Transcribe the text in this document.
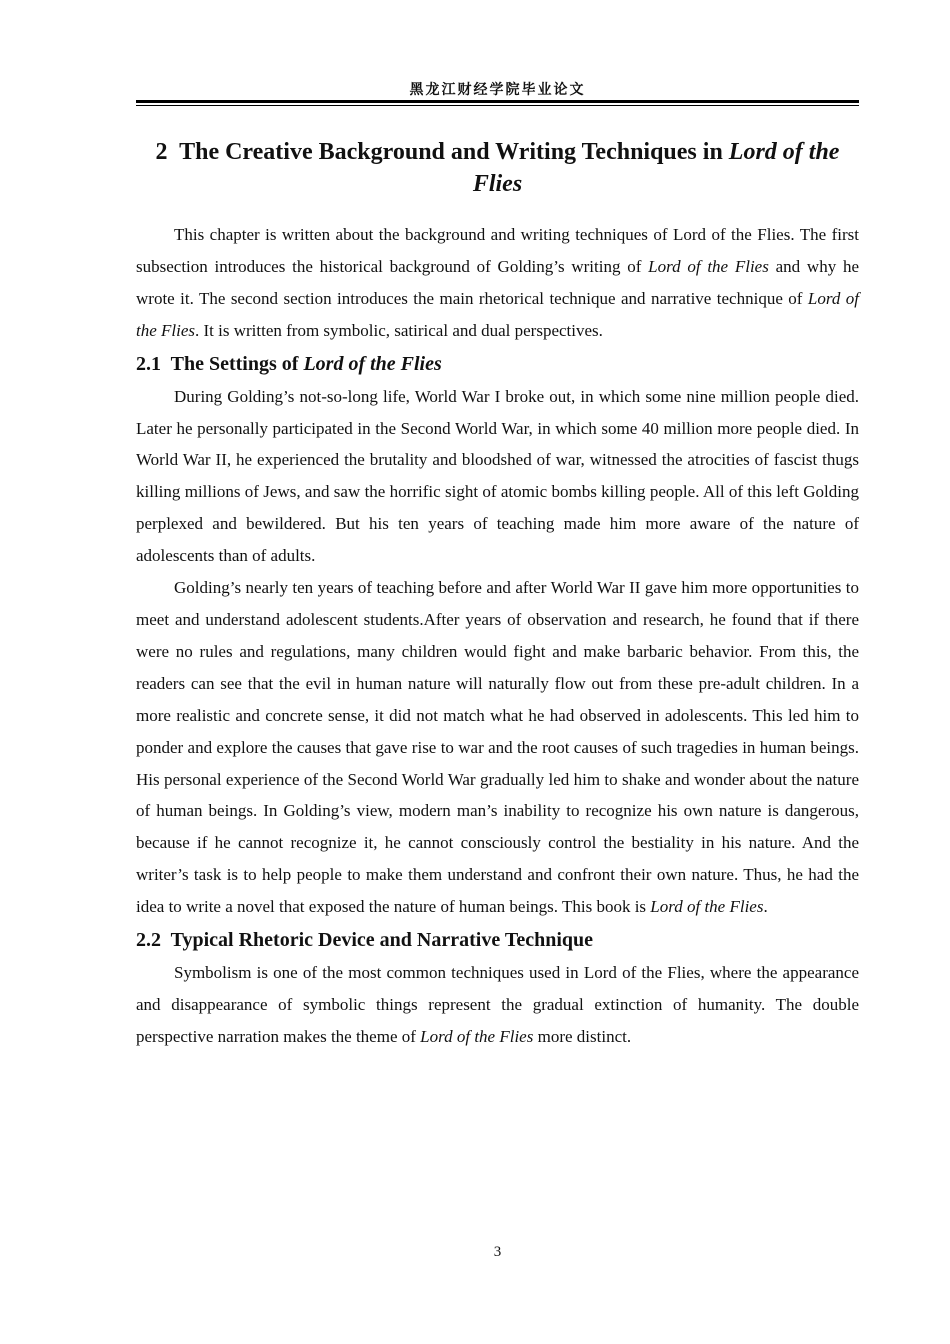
黑龙江财经学院毕业论文
2 The Creative Background and Writing Techniques in Lord of the Flies

This chapter is written about the background and writing techniques of Lord of the Flies. The first subsection introduces the historical background of Golding’s writing of Lord of the Flies and why he wrote it. The second section introduces the main rhetorical technique and narrative technique of Lord of the Flies. It is written from symbolic, satirical and dual perspectives.

2.1 The Settings of Lord of the Flies

During Golding’s not-so-long life, World War I broke out, in which some nine million people died. Later he personally participated in the Second World War, in which some 40 million more people died. In World War II, he experienced the brutality and bloodshed of war, witnessed the atrocities of fascist thugs killing millions of Jews, and saw the horrific sight of atomic bombs killing people. All of this left Golding perplexed and bewildered. But his ten years of teaching made him more aware of the nature of adolescents than of adults.

Golding’s nearly ten years of teaching before and after World War II gave him more opportunities to meet and understand adolescent students.After years of observation and research, he found that if there were no rules and regulations, many children would fight and make barbaric behavior. From this, the readers can see that the evil in human nature will naturally flow out from these pre-adult children. In a more realistic and concrete sense, it did not match what he had observed in adolescents. This led him to ponder and explore the causes that gave rise to war and the root causes of such tragedies in human beings. His personal experience of the Second World War gradually led him to shake and wonder about the nature of human beings. In Golding’s view, modern man’s inability to recognize his own nature is dangerous, because if he cannot recognize it, he cannot consciously control the bestiality in his nature. And the writer’s task is to help people to make them understand and confront their own nature. Thus, he had the idea to write a novel that exposed the nature of human beings. This book is Lord of the Flies.

2.2 Typical Rhetoric Device and Narrative Technique

Symbolism is one of the most common techniques used in Lord of the Flies, where the appearance and disappearance of symbolic things represent the gradual extinction of humanity. The double perspective narration makes the theme of Lord of the Flies more distinct.

3
